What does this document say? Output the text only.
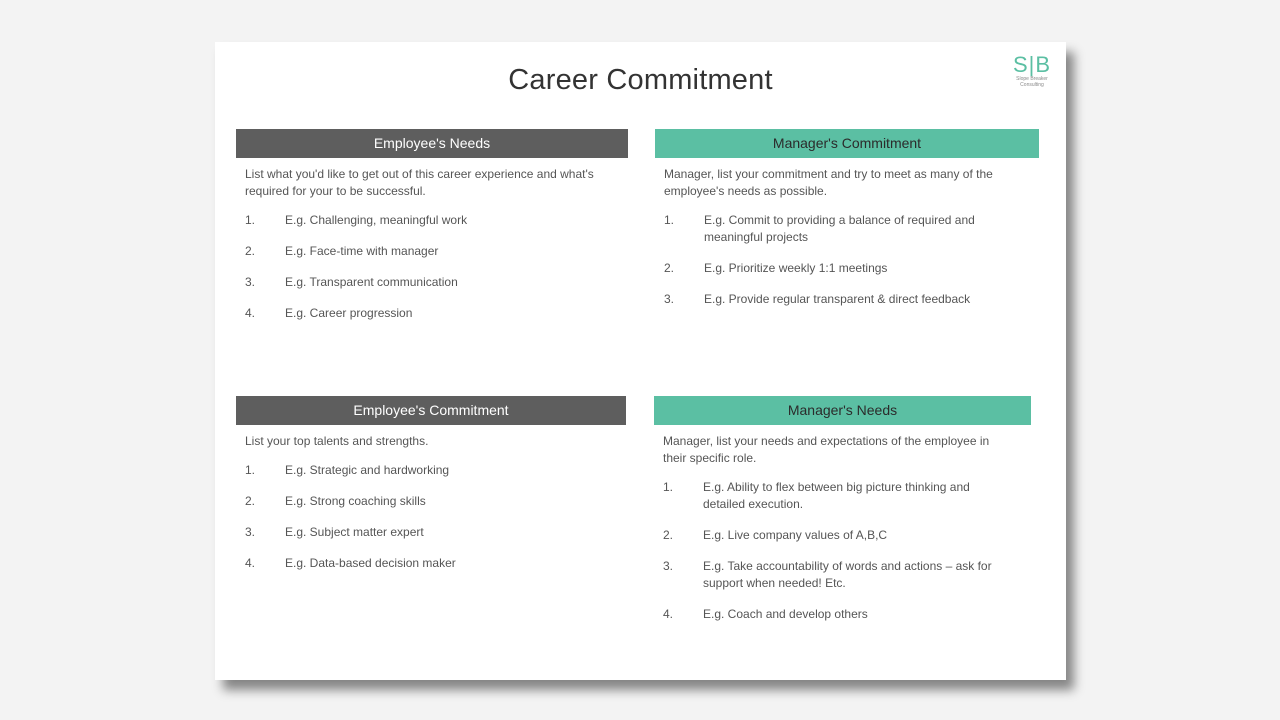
Career Commitment	S|B
Slope Breaker Consulting
Employee's Needs
List what you'd like to get out of this career experience and what's required for your to be successful.
1.	E.g. Challenging, meaningful work
2.	E.g. Face-time with manager
3.	E.g. Transparent communication
4.	E.g. Career progression
Manager's Commitment
Manager, list your commitment and try to meet as many of the employee's needs as possible.
1.	E.g. Commit to providing a balance of required and meaningful projects
2.	E.g. Prioritize weekly 1:1 meetings
3.	E.g. Provide regular transparent & direct feedback
Employee's Commitment
List your top talents and strengths.
1.	E.g. Strategic and hardworking
2.	E.g. Strong coaching skills
3.	E.g. Subject matter expert
4.	E.g. Data-based decision maker
Manager's Needs
Manager, list your needs and expectations of the employee in their specific role.
1.	E.g. Ability to flex between big picture thinking and detailed execution.
2.	E.g. Live company values of A,B,C
3.	E.g. Take accountability of words and actions – ask for support when needed! Etc.
4.	E.g. Coach and develop others
